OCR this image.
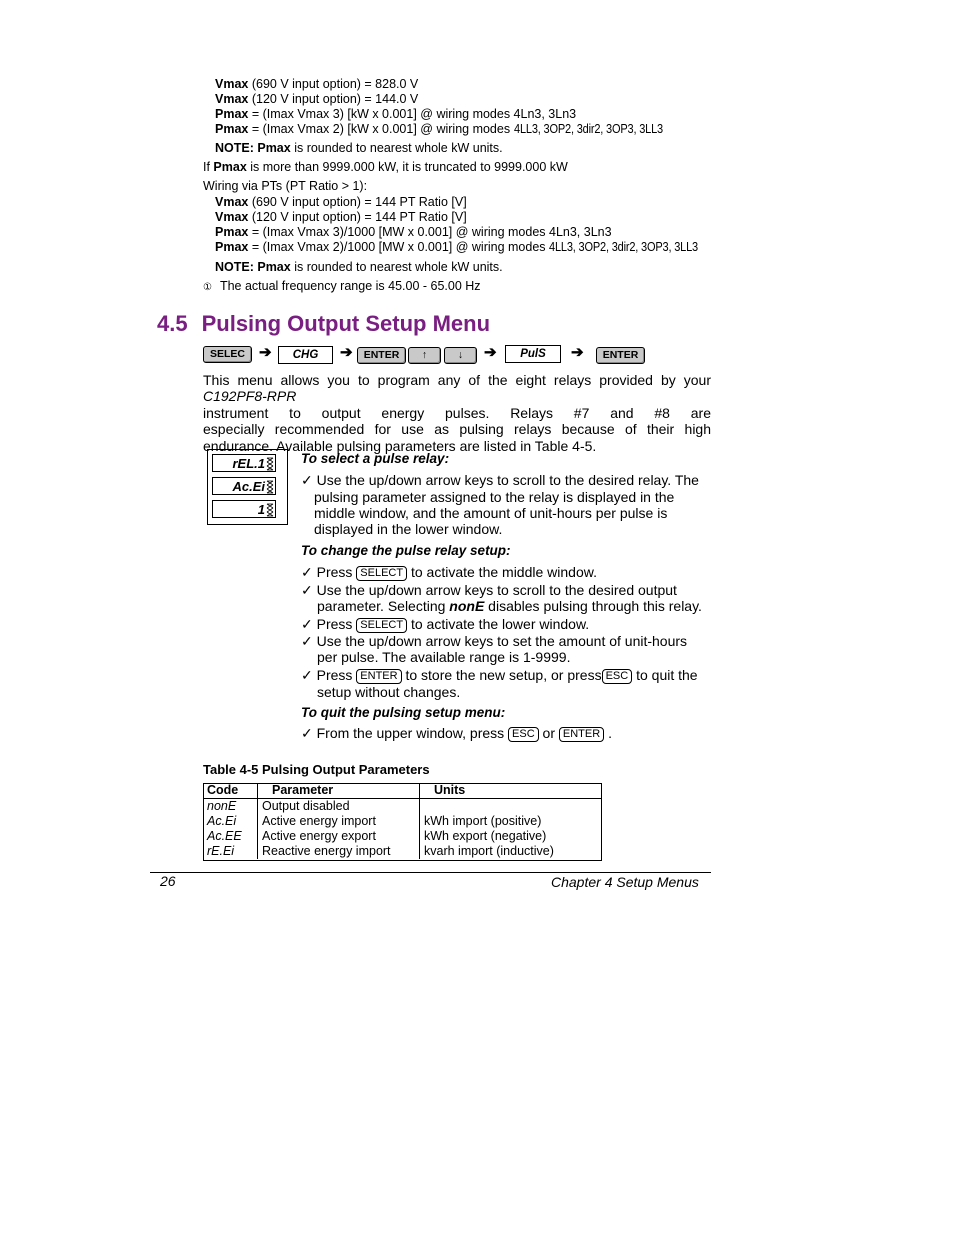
Vmax (690 V input option) = 828.0 V
Vmax (120 V input option) = 144.0 V
Pmax = (Imax Vmax 3) [kW x 0.001] @ wiring modes 4Ln3, 3Ln3
Pmax = (Imax Vmax 2) [kW x 0.001] @ wiring modes 4LL3, 3OP2, 3dir2, 3OP3, 3LL3
NOTE: Pmax is rounded to nearest whole kW units.
If Pmax is more than 9999.000 kW, it is truncated to 9999.000 kW
Wiring via PTs (PT Ratio > 1):
Vmax (690 V input option) = 144 PT Ratio [V]
Vmax (120 V input option) = 144 PT Ratio [V]
Pmax = (Imax Vmax 3)/1000 [MW x 0.001] @ wiring modes 4Ln3, 3Ln3
Pmax = (Imax Vmax 2)/1000 [MW x 0.001] @ wiring modes 4LL3, 3OP2, 3dir2, 3OP3, 3LL3
NOTE: Pmax is rounded to nearest whole kW units.
① The actual frequency range is 45.00 - 65.00 Hz
4.5 Pulsing Output Setup Menu
SELEC ➔	CHG	➔	ENTER	↑	↓	➔	PulS	➔	ENTER
This menu allows you to program any of the eight relays provided by your
C192PF8-RPR
instrument to output energy pulses. Relays #7 and #8 are
especially recommended for use as pulsing relays because of their high
endurance. Available pulsing parameters are listed in Table 4-5.
rEL.1
Ac.Ei
1
To select a pulse relay:
✓ Use the up/down arrow keys to scroll to the desired relay. The
pulsing parameter assigned to the relay is displayed in the
middle window, and the amount of unit-hours per pulse is
displayed in the lower window.
To change the pulse relay setup:
✓ Press SELECT to activate the middle window.
✓ Use the up/down arrow keys to scroll to the desired output
parameter. Selecting nonE disables pulsing through this relay.
✓ Press SELECT to activate the lower window.
✓ Use the up/down arrow keys to set the amount of unit-hours
per pulse. The available range is 1-9999.
✓ Press ENTER to store the new setup, or press ESC to quit the
setup without changes.
To quit the pulsing setup menu:
✓ From the upper window, press ESC or ENTER .
Table 4-5 Pulsing Output Parameters
Code	Parameter	Units
nonE	Output disabled	
Ac.Ei	Active energy import	kWh import (positive)
Ac.EE	Active energy export	kWh export (negative)
rE.Ei	Reactive energy import	kvarh import (inductive)
26	Chapter 4 Setup Menus
